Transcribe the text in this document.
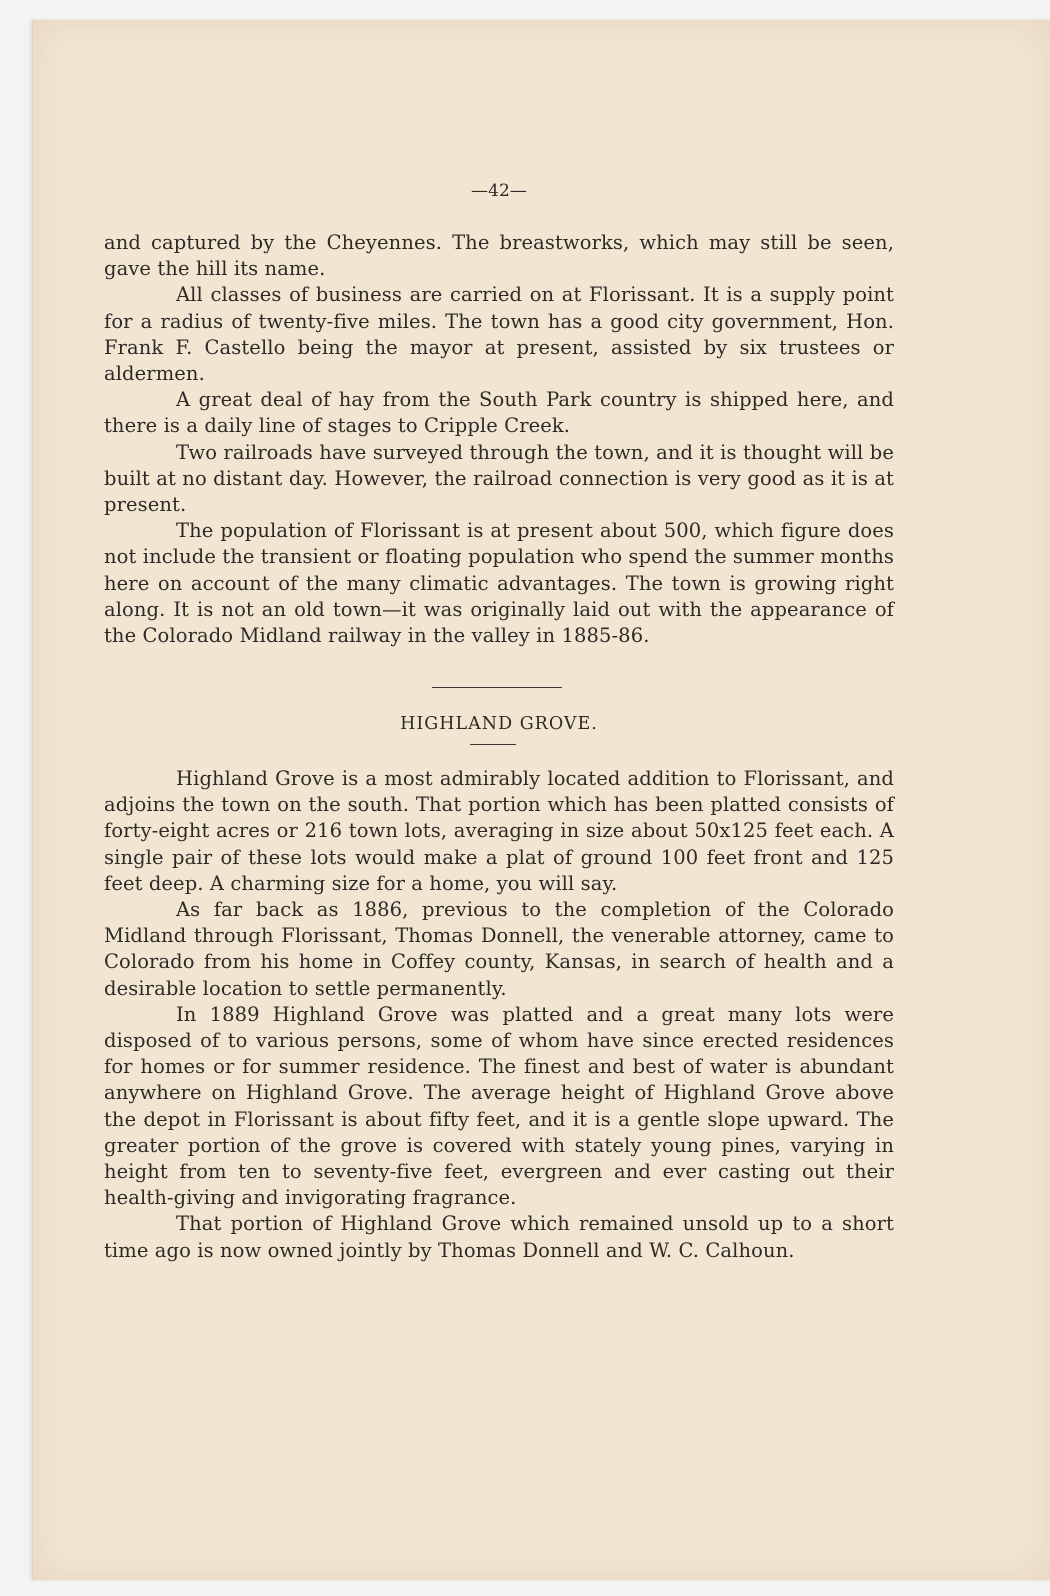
—42—

and captured by the Cheyennes. The breastworks, which may still be seen, gave the hill its name.

All classes of business are carried on at Florissant. It is a supply point for a radius of twenty-five miles. The town has a good city government, Hon. Frank F. Castello being the mayor at present, assisted by six trustees or aldermen.

A great deal of hay from the South Park country is shipped here, and there is a daily line of stages to Cripple Creek.

Two railroads have surveyed through the town, and it is thought will be built at no distant day. However, the railroad connection is very good as it is at present.

The population of Florissant is at present about 500, which figure does not include the transient or floating population who spend the summer months here on account of the many climatic advantages. The town is growing right along. It is not an old town—it was originally laid out with the appearance of the Colorado Midland railway in the valley in 1885-86.

HIGHLAND GROVE.

Highland Grove is a most admirably located addition to Florissant, and adjoins the town on the south. That portion which has been platted consists of forty-eight acres or 216 town lots, averaging in size about 50x125 feet each. A single pair of these lots would make a plat of ground 100 feet front and 125 feet deep. A charming size for a home, you will say.

As far back as 1886, previous to the completion of the Colorado Midland through Florissant, Thomas Donnell, the venerable attorney, came to Colorado from his home in Coffey county, Kansas, in search of health and a desirable location to settle permanently.

In 1889 Highland Grove was platted and a great many lots were disposed of to various persons, some of whom have since erected residences for homes or for summer residence. The finest and best of water is abundant anywhere on Highland Grove. The average height of Highland Grove above the depot in Florissant is about fifty feet, and it is a gentle slope upward. The greater portion of the grove is covered with stately young pines, varying in height from ten to seventy-five feet, evergreen and ever casting out their health-giving and invigorating fragrance.

That portion of Highland Grove which remained unsold up to a short time ago is now owned jointly by Thomas Donnell and W. C. Calhoun.
